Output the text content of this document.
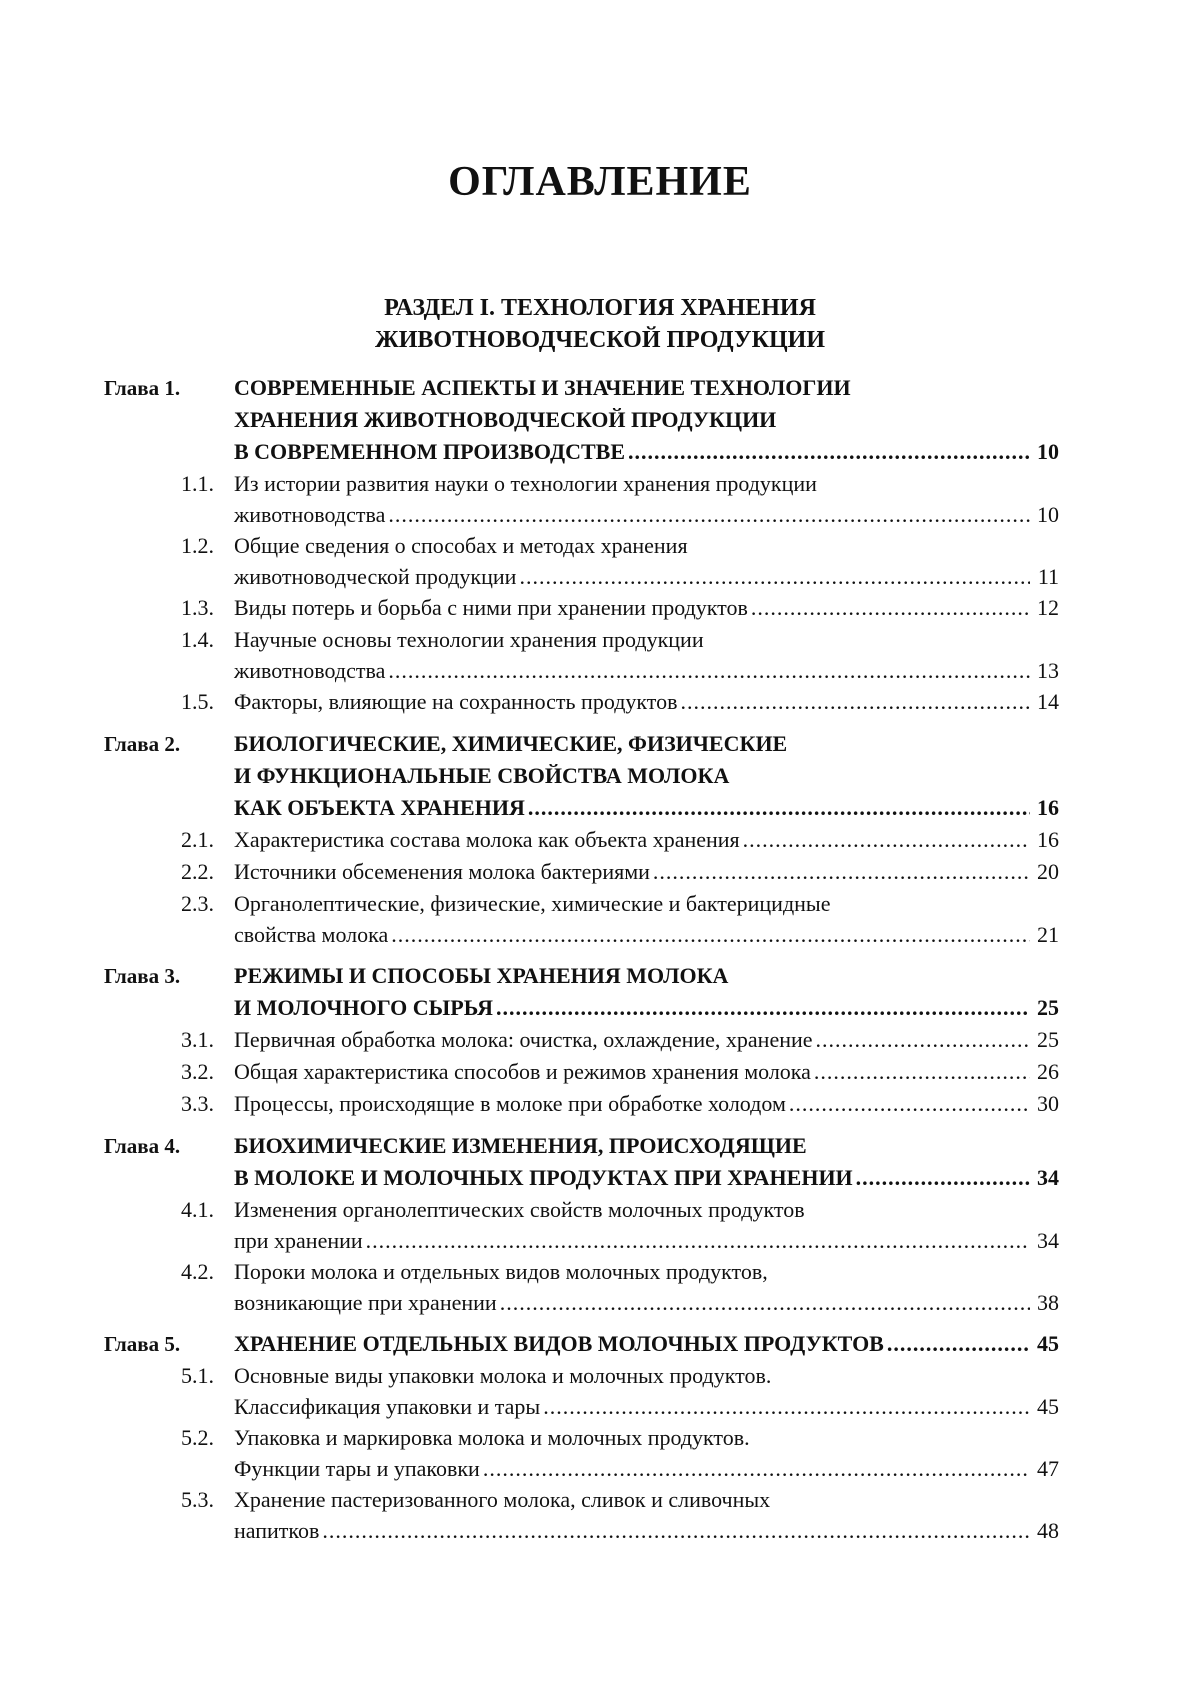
ОГЛАВЛЕНИЕ
РАЗДЕЛ I. ТЕХНОЛОГИЯ ХРАНЕНИЯ
ЖИВОТНОВОДЧЕСКОЙ ПРОДУКЦИИ
Глава 1.	СОВРЕМЕННЫЕ АСПЕКТЫ И ЗНАЧЕНИЕ ТЕХНОЛОГИИ
ХРАНЕНИЯ ЖИВОТНОВОДЧЕСКОЙ ПРОДУКЦИИ
В СОВРЕМЕННОМ ПРОИЗВОДСТВЕ .....	10
1.1. Из истории развития науки о технологии хранения продукции
животноводства .....	10
1.2. Общие сведения о способах и методах хранения
животноводческой продукции .....	11
1.3. Виды потерь и борьба с ними при хранении продуктов .....	12
1.4. Научные основы технологии хранения продукции
животноводства .....	13
1.5. Факторы, влияющие на сохранность продуктов .....	14
Глава 2.	БИОЛОГИЧЕСКИЕ, ХИМИЧЕСКИЕ, ФИЗИЧЕСКИЕ
И ФУНКЦИОНАЛЬНЫЕ СВОЙСТВА МОЛОКА
КАК ОБЪЕКТА ХРАНЕНИЯ .....	16
2.1. Характеристика состава молока как объекта хранения .....	16
2.2. Источники обсеменения молока бактериями .....	20
2.3. Органолептические, физические, химические и бактерицидные
свойства молока .....	21
Глава 3.	РЕЖИМЫ И СПОСОБЫ ХРАНЕНИЯ МОЛОКА
И МОЛОЧНОГО СЫРЬЯ .....	25
3.1. Первичная обработка молока: очистка, охлаждение, хранение .....	25
3.2. Общая характеристика способов и режимов хранения молока .....	26
3.3. Процессы, происходящие в молоке при обработке холодом .....	30
Глава 4.	БИОХИМИЧЕСКИЕ ИЗМЕНЕНИЯ, ПРОИСХОДЯЩИЕ
В МОЛОКЕ И МОЛОЧНЫХ ПРОДУКТАХ ПРИ ХРАНЕНИИ .....	34
4.1. Изменения органолептических свойств молочных продуктов
при хранении .....	34
4.2. Пороки молока и отдельных видов молочных продуктов,
возникающие при хранении .....	38
Глава 5.	ХРАНЕНИЕ ОТДЕЛЬНЫХ ВИДОВ МОЛОЧНЫХ ПРОДУКТОВ .....	45
5.1. Основные виды упаковки молока и молочных продуктов.
Классификация упаковки и тары .....	45
5.2. Упаковка и маркировка молока и молочных продуктов.
Функции тары и упаковки .....	47
5.3. Хранение пастеризованного молока, сливок и сливочных
напитков .....	48
